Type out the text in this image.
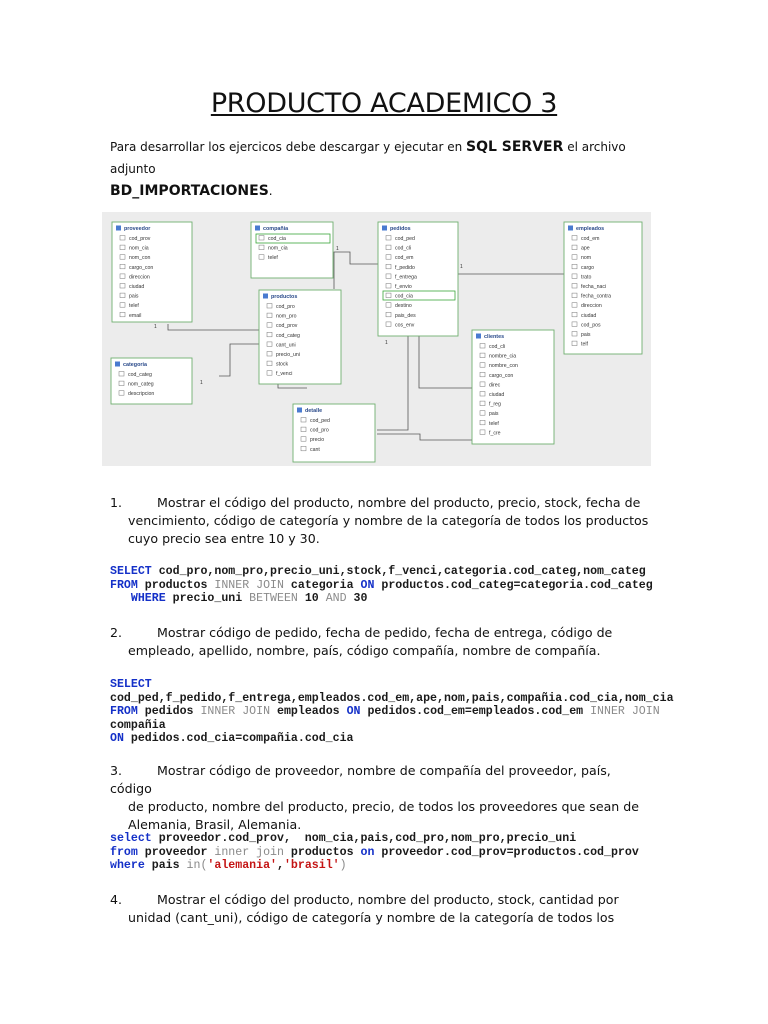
PRODUCTO ACADEMICO 3
Para desarrollar los ejercicos debe descargar y ejecutar en SQL SERVER el archivo adjunto
BD_IMPORTACIONES.
proveedor
cod_prov
nom_cia
nom_con
cargo_con
direccion
ciudad
pais
telef
email
compañia
cod_cia
nom_cia
telef
pedidos
cod_ped
cod_cli
cod_em
f_pedido
f_entrega
f_envio
cod_cia
destino
pais_des
cos_env
empleados
cod_em
ape
nom
cargo
trato
fecha_naci
fecha_contra
direccion
ciudad
cod_pos
pais
telf
productos
cod_pro
nom_pro
cod_prov
cod_categ
cant_uni
precio_uni
stock
f_venci
categoria
cod_categ
nom_categ
descripcion
clientes
cod_cli
nombre_cia
nombre_con
cargo_con
direc
ciudad
f_reg
pais
telef
f_cre
detalle
cod_ped
cod_pro
precio
cant
1
1
1
1
1
1.	Mostrar el código del producto, nombre del producto, precio, stock, fecha de
vencimiento, código de categoría y nombre de la categoría de todos los productos
cuyo precio sea entre 10 y 30.
SELECT cod_pro,nom_pro,precio_uni,stock,f_venci,categoria.cod_categ,nom_categ
FROM productos INNER JOIN categoria ON productos.cod_categ=categoria.cod_categ
WHERE precio_uni BETWEEN 10 AND 30
2.	Mostrar código de pedido, fecha de pedido, fecha de entrega, código de
empleado, apellido, nombre, país, código compañía, nombre de compañía.
SELECT
cod_ped,f_pedido,f_entrega,empleados.cod_em,ape,nom,pais,compañia.cod_cia,nom_cia
FROM pedidos INNER JOIN empleados ON pedidos.cod_em=empleados.cod_em INNER JOIN
compañia
ON pedidos.cod_cia=compañia.cod_cia
3.	Mostrar código de proveedor, nombre de compañía del proveedor, país, código
de producto, nombre del producto, precio, de todos los proveedores que sean de
Alemania, Brasil, Alemania.
select proveedor.cod_prov,  nom_cia,pais,cod_pro,nom_pro,precio_uni
from proveedor inner join productos on proveedor.cod_prov=productos.cod_prov
where pais in('alemania','brasil')
4.	Mostrar el código del producto, nombre del producto, stock, cantidad por
unidad (cant_uni), código de categoría y nombre de la categoría de todos los
